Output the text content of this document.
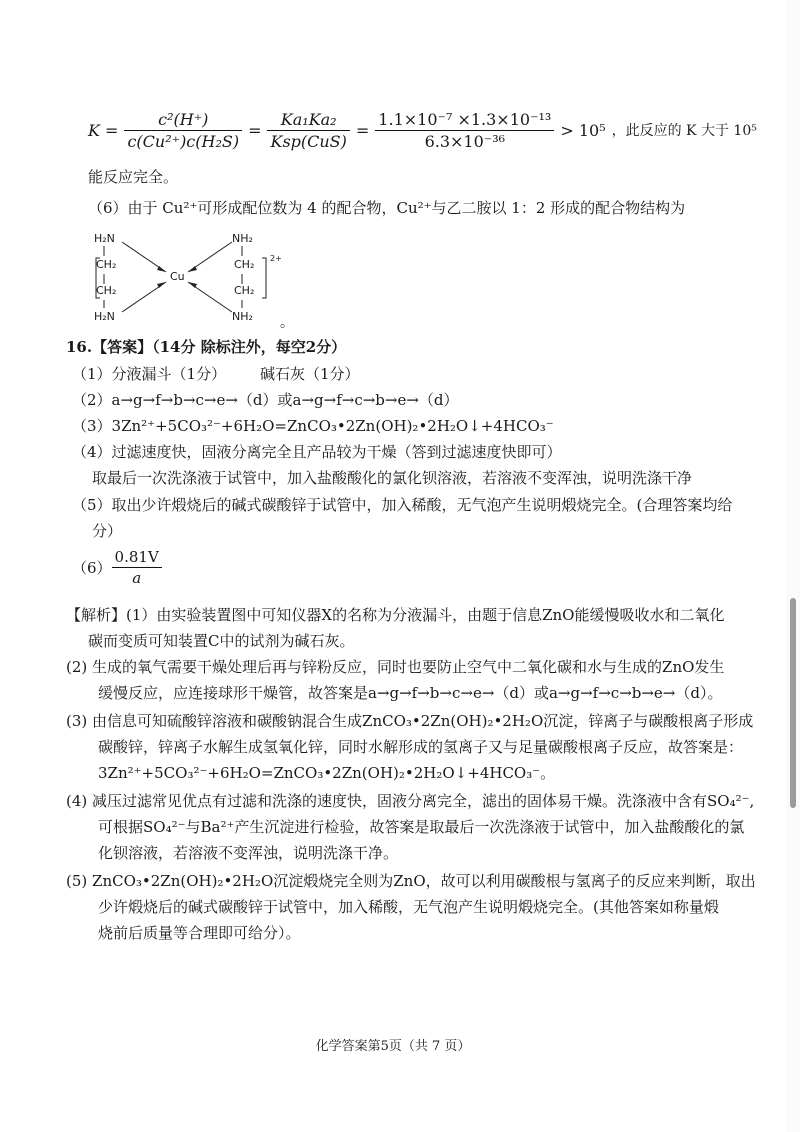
$K = \frac{\text{c²(H⁺)}}{\text{c(Cu²⁺)c(H₂S)}} = \frac{\text{Ka₁Ka₂}}{\text{Ksp(CuS)}} = \frac{\text{1.1×10⁻⁷ ×1.3×10⁻¹³}}{\text{6.3×10⁻³⁶}} > 10^5$ ，此反应的 K 大于 10⁵
能反应完全。
（6）由于 Cu²⁺可形成配位数为 4 的配合物，Cu²⁺与乙二胺以 1：2 形成的配合物结构为
H₂N
CH₂
CH₂
H₂N
Cu
NH₂
CH₂
CH₂
NH₂
2+
。
16.【答案】（14分 除标注外，每空2分）
（1）分液漏斗（1分） 碱石灰（1分）
（2）a→g→f→b→c→e→（d）或a→g→f→c→b→e→（d）
（3）3Zn²⁺+5CO₃²⁻+6H₂O=ZnCO₃•2Zn(OH)₂•2H₂O↓+4HCO₃⁻
（4）过滤速度快，固液分离完全且产品较为干燥（答到过滤速度快即可）
取最后一次洗涤液于试管中，加入盐酸酸化的氯化钡溶液，若溶液不变浑浊，说明洗涤干净
（5）取出少许煅烧后的碱式碳酸锌于试管中，加入稀酸，无气泡产生说明煅烧完全。(合理答案均给
分）
$(6) \frac{0.81V}{a}$
【解析】(1）由实验装置图中可知仪器X的名称为分液漏斗，由题于信息ZnO能缓慢吸收水和二氧化
碳而变质可知装置C中的试剂为碱石灰。
(2) 生成的氧气需要干燥处理后再与锌粉反应，同时也要防止空气中二氧化碳和水与生成的ZnO发生
缓慢反应，应连接球形干燥管，故答案是a→g→f→b→c→e→（d）或a→g→f→c→b→e→（d）。
(3) 由信息可知硫酸锌溶液和碳酸钠混合生成ZnCO₃•2Zn(OH)₂•2H₂O沉淀，锌离子与碳酸根离子形成
碳酸锌，锌离子水解生成氢氧化锌，同时水解形成的氢离子又与足量碳酸根离子反应，故答案是：
3Zn²⁺+5CO₃²⁻+6H₂O=ZnCO₃•2Zn(OH)₂•2H₂O↓+4HCO₃⁻。
(4) 减压过滤常见优点有过滤和洗涤的速度快，固液分离完全，滤出的固体易干燥。洗涤液中含有SO₄²⁻,
可根据SO₄²⁻与Ba²⁺产生沉淀进行检验，故答案是取最后一次洗涤液于试管中，加入盐酸酸化的氯
化钡溶液，若溶液不变浑浊，说明洗涤干净。
(5) ZnCO₃•2Zn(OH)₂•2H₂O沉淀煅烧完全则为ZnO，故可以利用碳酸根与氢离子的反应来判断，取出
少许煅烧后的碱式碳酸锌于试管中，加入稀酸，无气泡产生说明煅烧完全。(其他答案如称量煅
烧前后质量等合理即可给分）。
化学答案第5页（共 7 页）
